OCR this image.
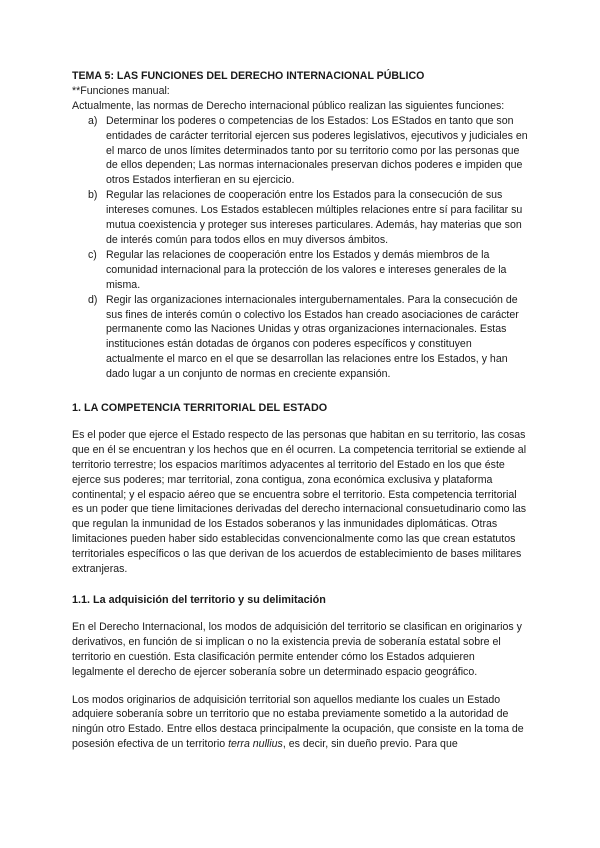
TEMA 5: LAS FUNCIONES DEL DERECHO INTERNACIONAL PÚBLICO

**Funciones manual:

Actualmente, las normas de Derecho internacional público realizan las siguientes funciones:

a) Determinar los poderes o competencias de los Estados: Los EStados en tanto que son entidades de carácter territorial ejercen sus poderes legislativos, ejecutivos y judiciales en el marco de unos límites determinados tanto por su territorio como por las personas que de ellos dependen; Las normas internacionales preservan dichos poderes e impiden que otros Estados interfieran en su ejercicio.
b) Regular las relaciones de cooperación entre los Estados para la consecución de sus intereses comunes. Los Estados establecen múltiples relaciones entre sí para facilitar su mutua coexistencia y proteger sus intereses particulares. Además, hay materias que son de interés común para todos ellos en muy diversos ámbitos.
c) Regular las relaciones de cooperación entre los Estados y demás miembros de la comunidad internacional para la protección de los valores e intereses generales de la misma.
d) Regir las organizaciones internacionales intergubernamentales. Para la consecución de sus fines de interés común o colectivo los Estados han creado asociaciones de carácter permanente como las Naciones Unidas y otras organizaciones internacionales. Estas instituciones están dotadas de órganos con poderes específicos y constituyen actualmente el marco en el que se desarrollan las relaciones entre los Estados, y han dado lugar a un conjunto de normas en creciente expansión.
1. LA COMPETENCIA TERRITORIAL DEL ESTADO

Es el poder que ejerce el Estado respecto de las personas que habitan en su territorio, las cosas que en él se encuentran y los hechos que en él ocurren. La competencia territorial se extiende al territorio terrestre; los espacios marítimos adyacentes al territorio del Estado en los que éste ejerce sus poderes; mar territorial, zona contigua, zona económica exclusiva y plataforma continental; y el espacio aéreo que se encuentra sobre el territorio. Esta competencia territorial es un poder que tiene limitaciones derivadas del derecho internacional consuetudinario como las que regulan la inmunidad de los Estados soberanos y las inmunidades diplomáticas. Otras limitaciones pueden haber sido establecidas convencionalmente como las que crean estatutos territoriales específicos o las que derivan de los acuerdos de establecimiento de bases militares extranjeras.

1.1. La adquisición del territorio y su delimitación

En el Derecho Internacional, los modos de adquisición del territorio se clasifican en originarios y derivativos, en función de si implican o no la existencia previa de soberanía estatal sobre el territorio en cuestión. Esta clasificación permite entender cómo los Estados adquieren legalmente el derecho de ejercer soberanía sobre un determinado espacio geográfico.

Los modos originarios de adquisición territorial son aquellos mediante los cuales un Estado adquiere soberanía sobre un territorio que no estaba previamente sometido a la autoridad de ningún otro Estado. Entre ellos destaca principalmente la ocupación, que consiste en la toma de posesión efectiva de un territorio terra nullius, es decir, sin dueño previo. Para que
